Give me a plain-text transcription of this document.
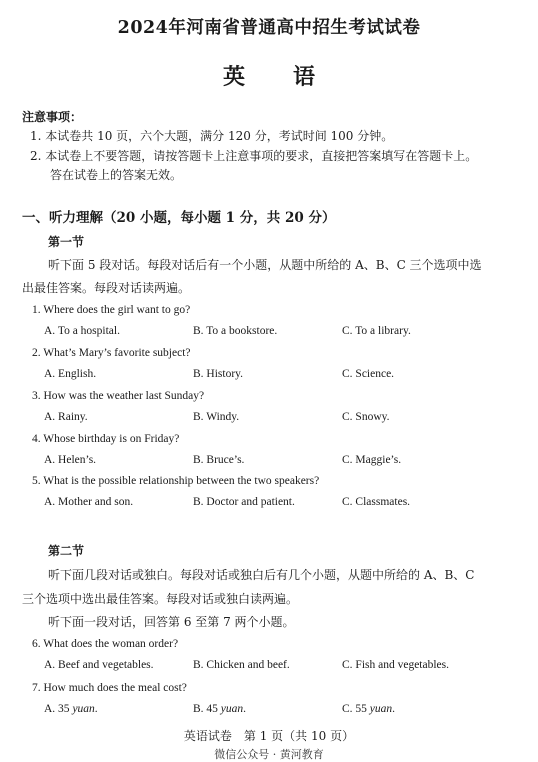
2024年河南省普通高中招生考试试卷
英 语
注意事项：
1. 本试卷共 10 页，六个大题，满分 120 分，考试时间 100 分钟。
2. 本试卷上不要答题，请按答题卡上注意事项的要求，直接把答案填写在答题卡上。
答在试卷上的答案无效。
一、听力理解（20 小题，每小题 1 分，共 20 分）
第一节
听下面 5 段对话。每段对话后有一个小题，从题中所给的 A、B、C 三个选项中选
出最佳答案。每段对话读两遍。
1. Where does the girl want to go?
A. To a hospital.	B. To a bookstore.	C. To a library.
2. What’s Mary’s favorite subject?
A. English.	B. History.	C. Science.
3. How was the weather last Sunday?
A. Rainy.	B. Windy.	C. Snowy.
4. Whose birthday is on Friday?
A. Helen’s.	B. Bruce’s.	C. Maggie’s.
5. What is the possible relationship between the two speakers?
A. Mother and son.	B. Doctor and patient.	C. Classmates.
第二节
听下面几段对话或独白。每段对话或独白后有几个小题，从题中所给的 A、B、C
三个选项中选出最佳答案。每段对话或独白读两遍。
听下面一段对话，回答第 6 至第 7 两个小题。
6. What does the woman order?
A. Beef and vegetables.	B. Chicken and beef.	C. Fish and vegetables.
7. How much does the meal cost?
A. 35 yuan.	B. 45 yuan.	C. 55 yuan.
英语试卷　第 1 页（共 10 页）
微信公众号 · 黄河教育
